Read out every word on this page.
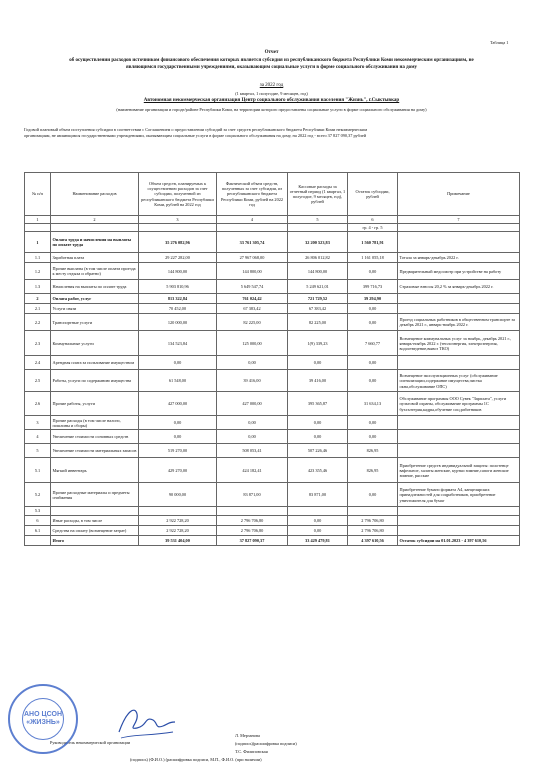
Таблица 1
Отчет
об осуществлении расходов источником финансового обеспечения которых является субсидия из республиканского бюджета Республики Коми некоммерческим организациям, не
являющимся государственными учреждениями, оказывающим социальные услуги в форме социального обслуживания на дому
за 2022 год
(1 квартал, 1 полугодие, 9 месяцев, год)
Автономная некоммерческая организация Центр социального обслуживания населения "Жизнь", г.Сыктывкар
(наименование организации и городе/районе Республики Коми, на территории которого предоставлены социальные услуги в форме социального обслуживания на дому)
Годовой плановый объем поступления субсидии в соответствии с Соглашением о предоставлении субсидий за счет средств республиканского бюджета Республики Коми некоммерческим
организациям, не являющимся государственными учреждениями, оказывающим социальные услуги в форме социального обслуживания на дому, на 2022 год - всего 37 827 090,37 рублей
№ п/п	Наименование расходов	Объем средств, планируемых к осуществлению расходов за счет субсидии, полученной из республиканского бюджета Республики Коми, рублей на 2022 год	Фактический объем средств, полученных за счет субсидии, из республиканского бюджета Республики Коми, рублей на 2022 год	Кассовые расходы за отчетный период (1 квартал, 1 полугодие, 9 месяцев, год), рублей	Остаток субсидии, рублей	Примечание
1	2	3	4	5	6	7
					гр. 4 - гр. 5	
1	Оплата труда и начисления на выплаты по оплате труда	35 276 082,96	33 761 305,74	32 200 523,83	1 560 781,91	
1.1	Заработная плата	29 227 282,00	27 967 068,00	26 806 012,82	1 161 055,18	Тотала за январь-декабрь 2022 г.
1.2	Прочие выплаты (в том числе оплата проезда к месту отдыха и обратно)	144 800,00	144 800,00	144 800,00	0,00	Предварительный медосмотр при устройстве на работу
1.3	Начисления на выплаты по оплате труда	5 903 810,96	5 649 547,74	5 249 621,01	399 716,73	Страховые взносы 20,2 % за январь-декабрь 2022 г.
2	Оплата работ, услуг	813 322,84	761 024,42	721 729,52	39 294,90	
2.1	Услуги связи	70 452,00	67 383,42	67 383,42	0,00	
2.2	Транспортные услуги	120 000,00	82 225,00	82 225,00	0,00	Проезд социальных работников в общественном транспорте за декабрь 2021 г., январь-ноябрь 2022 г.
2.3	Коммунальные услуги	134 523,84	125 000,00	1(9) 339,23	7 660,77	Возмещение коммунальных услуг за ноябрь, декабрь 2021 г., январь-ноябрь 2022 г. (теплоэнергия, электроэнергия, водоотведение,вывоз ТКО)
2.4	Арендная плата за пользование имуществом	0,00	0,00	0,00	0,00	
2.5	Работы, услуги по содержанию имущества	61 548,00	39 416,00	39 416,00	0,00	Возмещение эксплуатационных услуг (обслуживание сигнализации,содержание имущества,чистка окна,обслуживание ОПС)
2.6	Прочие работы, услуги	427 000,00	427 000,00	395 365,87	31 634,13	Обслуживание программы ООО Сувек "Зарплата", услуги пультовой охраны, обслуживание программы 1С бухгалтерия,кадры,обучение соц.работников
3	Прочие расходы (в том числе налоги, пошлины и сборы)	0,00	0,00	0,00	0,00	
4	Увеличение стоимости основных средств	0,00	0,00	0,00	0,00	
5	Увеличение стоимости материальных запасов	519 270,00	508 053,41	507 226,46	826,95	
5.1	Мягкий инвентарь	429 270,00	424 182,41	423 355,46	826,95	Приобретение средств индивидуальной защиты: полотенце вафельное, халаты женские, куртки зимние,сапоги женские зимние, рясские
5.2	Прочие расходные материалы и предметы снабжения	90 000,00	83 871,00	83 871,00	0,00	Приобретение бумаги формата А4, канцелярских принадлежностей для соцработников, приобретение уничтожителя для бумаг
5.3						
6	Иные расходы, в том числе	2 922 728,20	2 796 706,80	0,00	2 796 706,80	
6.1	Средства на оплату (возмещение затрат)	2 922 728,20	2 796 706,80	0,00	2 796 706,80	
	Итого	39 531 404,00	37 827 090,37	33 429 479,81	4 397 610,56	Остаток субсидии на 01.01.2023 - 4 397 610,56
Руководитель некоммерческой организации
Л. Мерзанова
(подпись)(расшифровка подписи)
Т.С. Филиповская
(подпись) (Ф.И.О.) (расшифровка подписи, М.П., Ф.И.О. (при наличии)
АНО ЦСОН «ЖИЗНЬ»
